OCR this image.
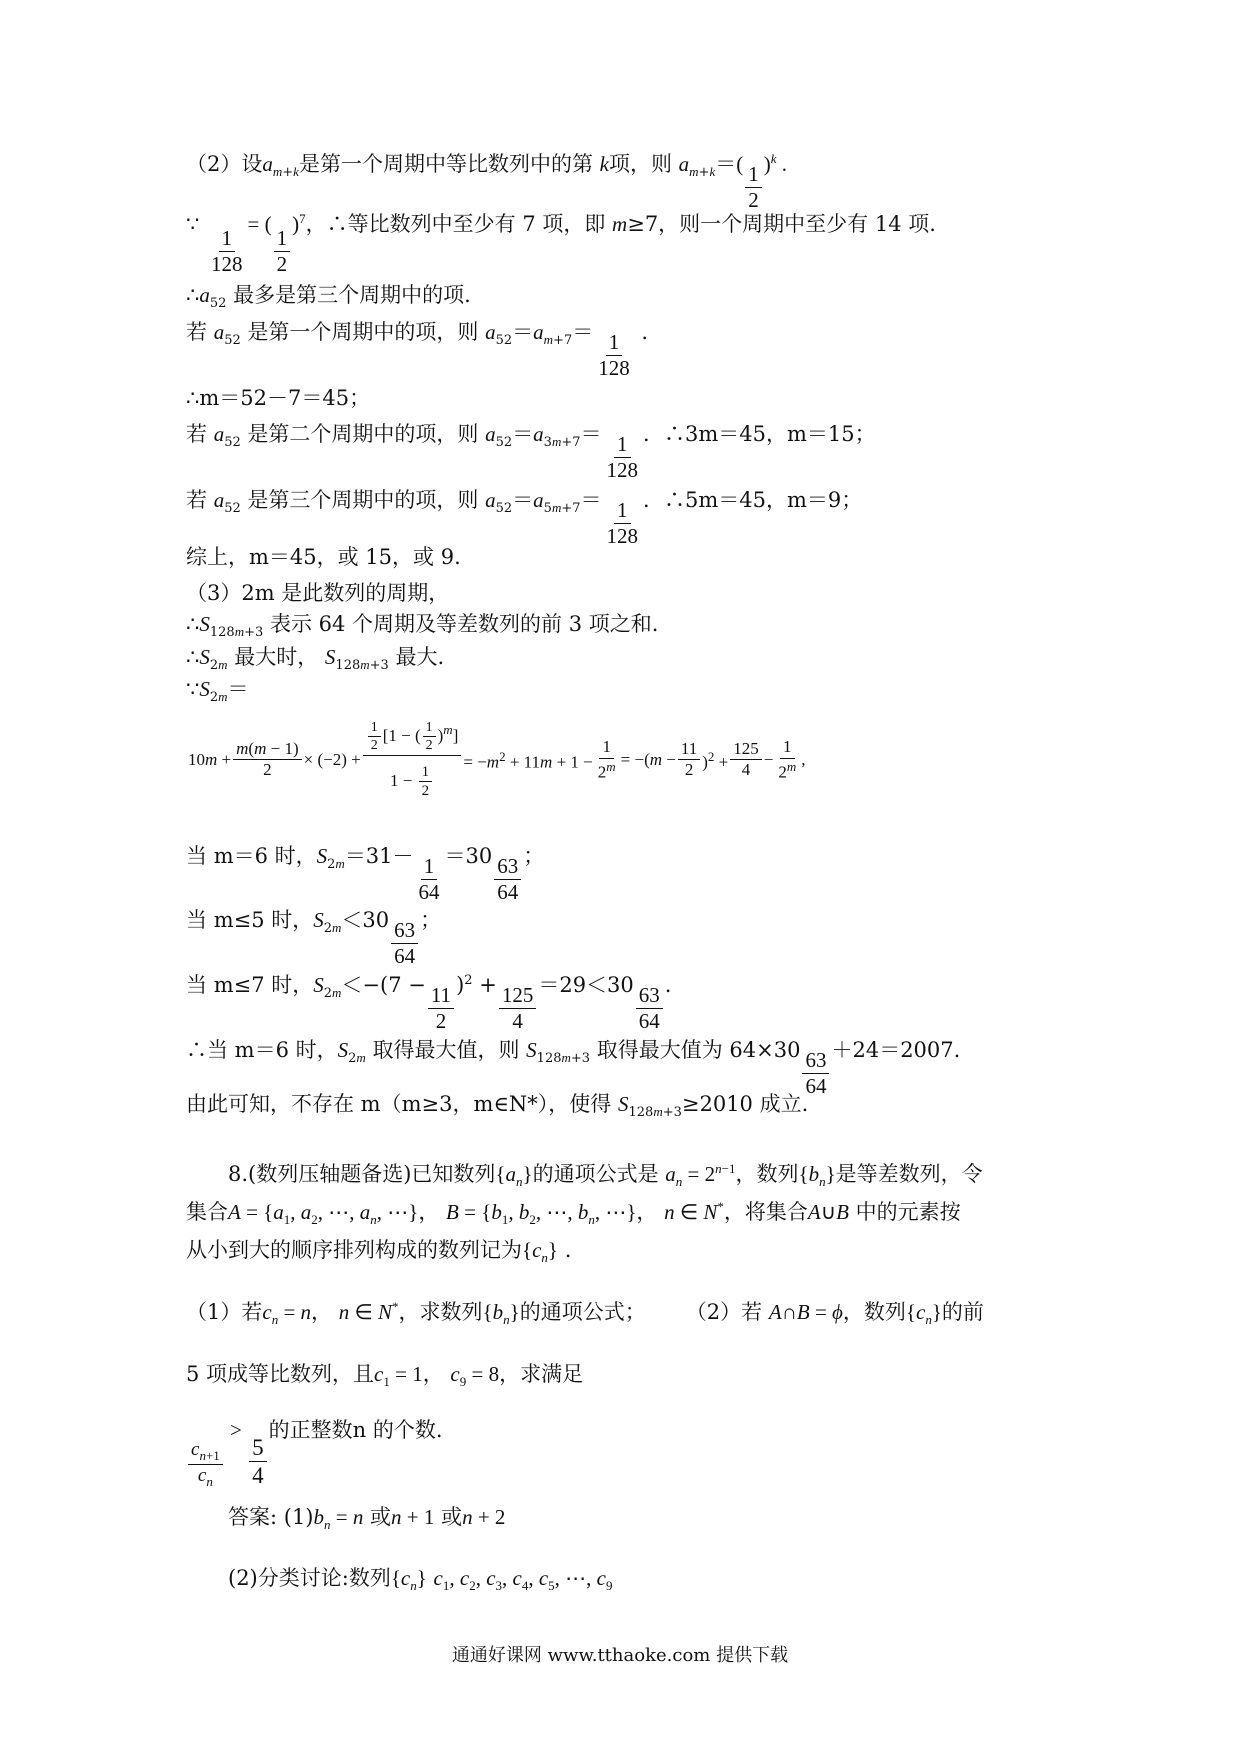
（2）设$a_{m+k}$是第一个周期中等比数列中的第 k项，则 $a_{m+k}=( \frac{1}{2} )^k$ .
∵
$\frac{1}{128}$
= (
$\frac{1}{2}$
)$^7$，∴等比数列中至少有 7 项，即 m≥7，则一个周期中至少有 14 项.
$\therefore a_{52}$ 最多是第三个周期中的项.
若 $a_{52}$ 是第一个周期中的项，则 $a_{52}=a_{m+7}= \frac{1}{128}$ .
∴m＝52－7＝45；
若 $a_{52}$ 是第二个周期中的项，则 $a_{52}=a_{3m+7}= \frac{1}{128}$ ．∴3m＝45，m＝15；
若 $a_{52}$ 是第三个周期中的项，则 $a_{52}=a_{5m+7}= \frac{1}{128}$ ．∴5m＝45，m＝9；
综上，m＝45，或 15，或 9.
（3）2m 是此数列的周期，
$\therefore S_{128m+3}$ 表示 64 个周期及等差数列的前 3 项之和.
$\therefore S_{2m}$ 最大时， $S_{128m+3}$ 最大.
$\because S_{2m}=$
$10m + \frac{m(m - 1)}{2} \times (-2) + \frac{\frac{1}{2} [1 - ( \frac{1}{2} )^m]}{1 - \frac{1}{2}} = -m^2 + 11m + 1 - \frac{1}{2^m} = -(m - \frac{11}{2} )^2 + \frac{125}{4} - \frac{1}{2^m}$ ,
当 m＝6 时，$S_{2m}=31- \frac{1}{64} =30 \frac{63}{64}$ ；
当 m≤5 时，$S_{2m}<30 \frac{63}{64}$ ；
当 m≤7 时，$S_{2m}<-(7 - \frac{11}{2} )^2 + \frac{125}{4} =29<30 \frac{63}{64}$ .
∴当 m＝6 时，$S_{2m}$ 取得最大值，则 $S_{128m+3}$ 取得最大值为 $64\times 30 \frac{63}{64} +24=2007$.
由此可知，不存在 m（m≥3，m∈N*），使得 $S_{128m+3}\ge 2010$ 成立.
8.(数列压轴题备选)已知数列$\{a_n\}$的通项公式是 $a_n = 2^{n-1}$，数列$\{b_n\}$是等差数列，令
集合$A = \{a_1$, $a_2$, ⋯, $a_n$, ⋯}， $B = \{b_1$, $b_2$, ⋯, $b_n$, ⋯}， n ∈ N*，将集合A∪B 中的元素按
从小到大的顺序排列构成的数列记为$\{c_n\}$ .
（1）若$c_n = n$， n ∈ N*，求数列$\{b_n\}$的通项公式； （2）若 A∩B = ϕ，数列$\{c_n\}$的前
5 项成等比数列，且$c_1 = 1$， $c_9 = 8$，求满足
$\frac{c_{n+1}}{c_n}$
>
$\frac{5}{4}$
的正整数n 的个数.
答案: $(1)b_n = n$ 或n + 1 或n + 2
(2)分类讨论:数列$\{c_n\}$ $c_1$, $c_2$, $c_3$, $c_4$, $c_5$, ⋯, $c_9$
通通好课网 www.tthaoke.com 提供下载
